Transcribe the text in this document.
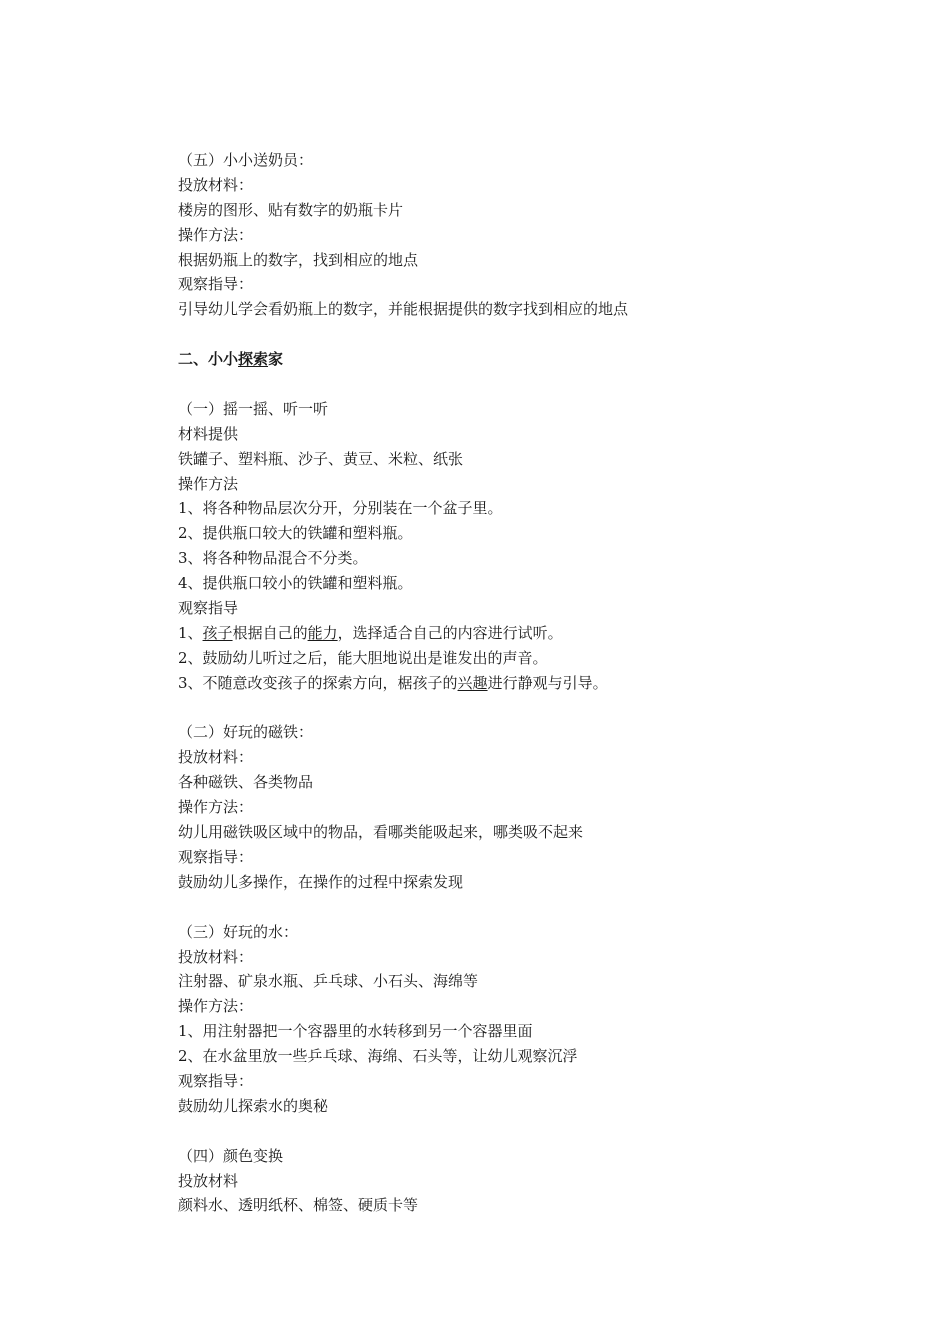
（五）小小送奶员：
投放材料：
楼房的图形、贴有数字的奶瓶卡片
操作方法：
根据奶瓶上的数字，找到相应的地点
观察指导：
引导幼儿学会看奶瓶上的数字，并能根据提供的数字找到相应的地点
二、小小探索家
（一）摇一摇、听一听
材料提供
铁罐子、塑料瓶、沙子、黄豆、米粒、纸张
操作方法
1、将各种物品层次分开，分别装在一个盆子里。
2、提供瓶口较大的铁罐和塑料瓶。
3、将各种物品混合不分类。
4、提供瓶口较小的铁罐和塑料瓶。
观察指导
1、孩子根据自己的能力，选择适合自己的内容进行试听。
2、鼓励幼儿听过之后，能大胆地说出是谁发出的声音。
3、不随意改变孩子的探索方向，椐孩子的兴趣进行静观与引导。
（二）好玩的磁铁：
投放材料：
各种磁铁、各类物品
操作方法：
幼儿用磁铁吸区域中的物品，看哪类能吸起来，哪类吸不起来
观察指导：
鼓励幼儿多操作，在操作的过程中探索发现
（三）好玩的水：
投放材料：
注射器、矿泉水瓶、乒乓球、小石头、海绵等
操作方法：
1、用注射器把一个容器里的水转移到另一个容器里面
2、在水盆里放一些乒乓球、海绵、石头等，让幼儿观察沉浮
观察指导：
鼓励幼儿探索水的奥秘
（四）颜色变换
投放材料
颜料水、透明纸杯、棉签、硬质卡等
